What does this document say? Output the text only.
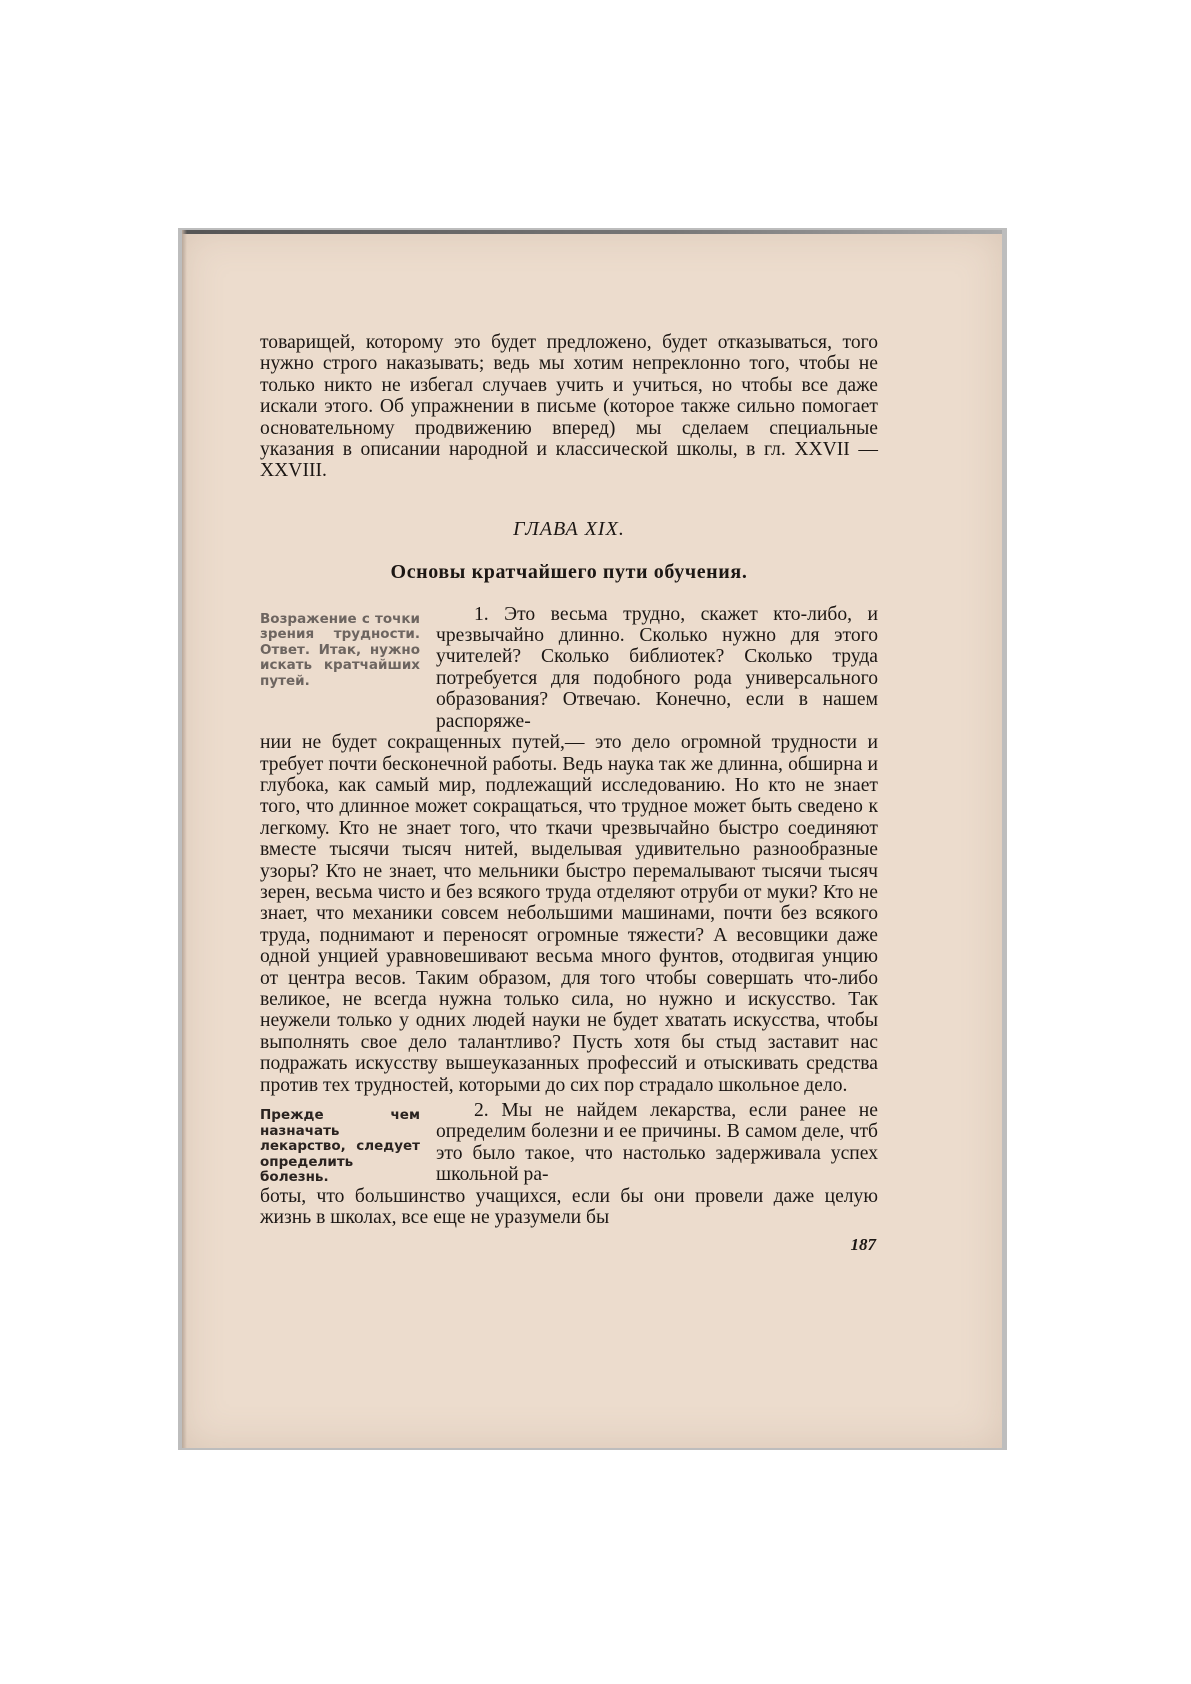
товарищей, которому это будет предложено, будет отказываться, того нужно строго наказывать; ведь мы хотим непреклонно того, чтобы не только никто не избегал случаев учить и учиться, но чтобы все даже искали этого. Об упражнении в письме (которое также сильно помогает основательному продвижению вперед) мы сделаем специальные указания в описании народной и классической школы, в гл. XXVII — XXVIII.

ГЛАВА XIX.

Основы кратчайшего пути обучения.

Возражение с точки зрения трудности. Ответ. Итак, нужно искать кратчайших путей.

1. Это весьма трудно, скажет кто-либо, и чрезвычайно длинно. Сколько нужно для этого учителей? Сколько библиотек? Сколько труда потребуется для подобного рода универсального образования? Отвечаю. Конечно, если в нашем распоряже-

нии не будет сокращенных путей,— это дело огромной трудности и требует почти бесконечной работы. Ведь наука так же длинна, обширна и глубока, как самый мир, подлежащий исследованию. Но кто не знает того, что длинное может сокращаться, что трудное может быть сведено к легкому. Кто не знает того, что ткачи чрезвычайно быстро соединяют вместе тысячи тысяч нитей, выделывая удивительно разнообразные узоры? Кто не знает, что мельники быстро перемалывают тысячи тысяч зерен, весьма чисто и без всякого труда отделяют отруби от муки? Кто не знает, что механики совсем небольшими машинами, почти без всякого труда, поднимают и переносят огромные тяжести? А весовщики даже одной унцией уравновешивают весьма много фунтов, отодвигая унцию от центра весов. Таким образом, для того чтобы совершать что-либо великое, не всегда нужна только сила, но нужно и искусство. Так неужели только у одних людей науки не будет хватать искусства, чтобы выполнять свое дело талантливо? Пусть хотя бы стыд заставит нас подражать искусству вышеуказанных профессий и отыскивать средства против тех трудностей, которыми до сих пор страдало школьное дело.

Прежде чем назначать лекарство, следует определить болезнь.

2. Мы не найдем лекарства, если ранее не определим болезни и ее причины. В самом деле, чтб это было такое, что настолько задерживала успех школьной ра-

боты, что большинство учащихся, если бы они провели даже целую жизнь в школах, все еще не уразумели бы

187
